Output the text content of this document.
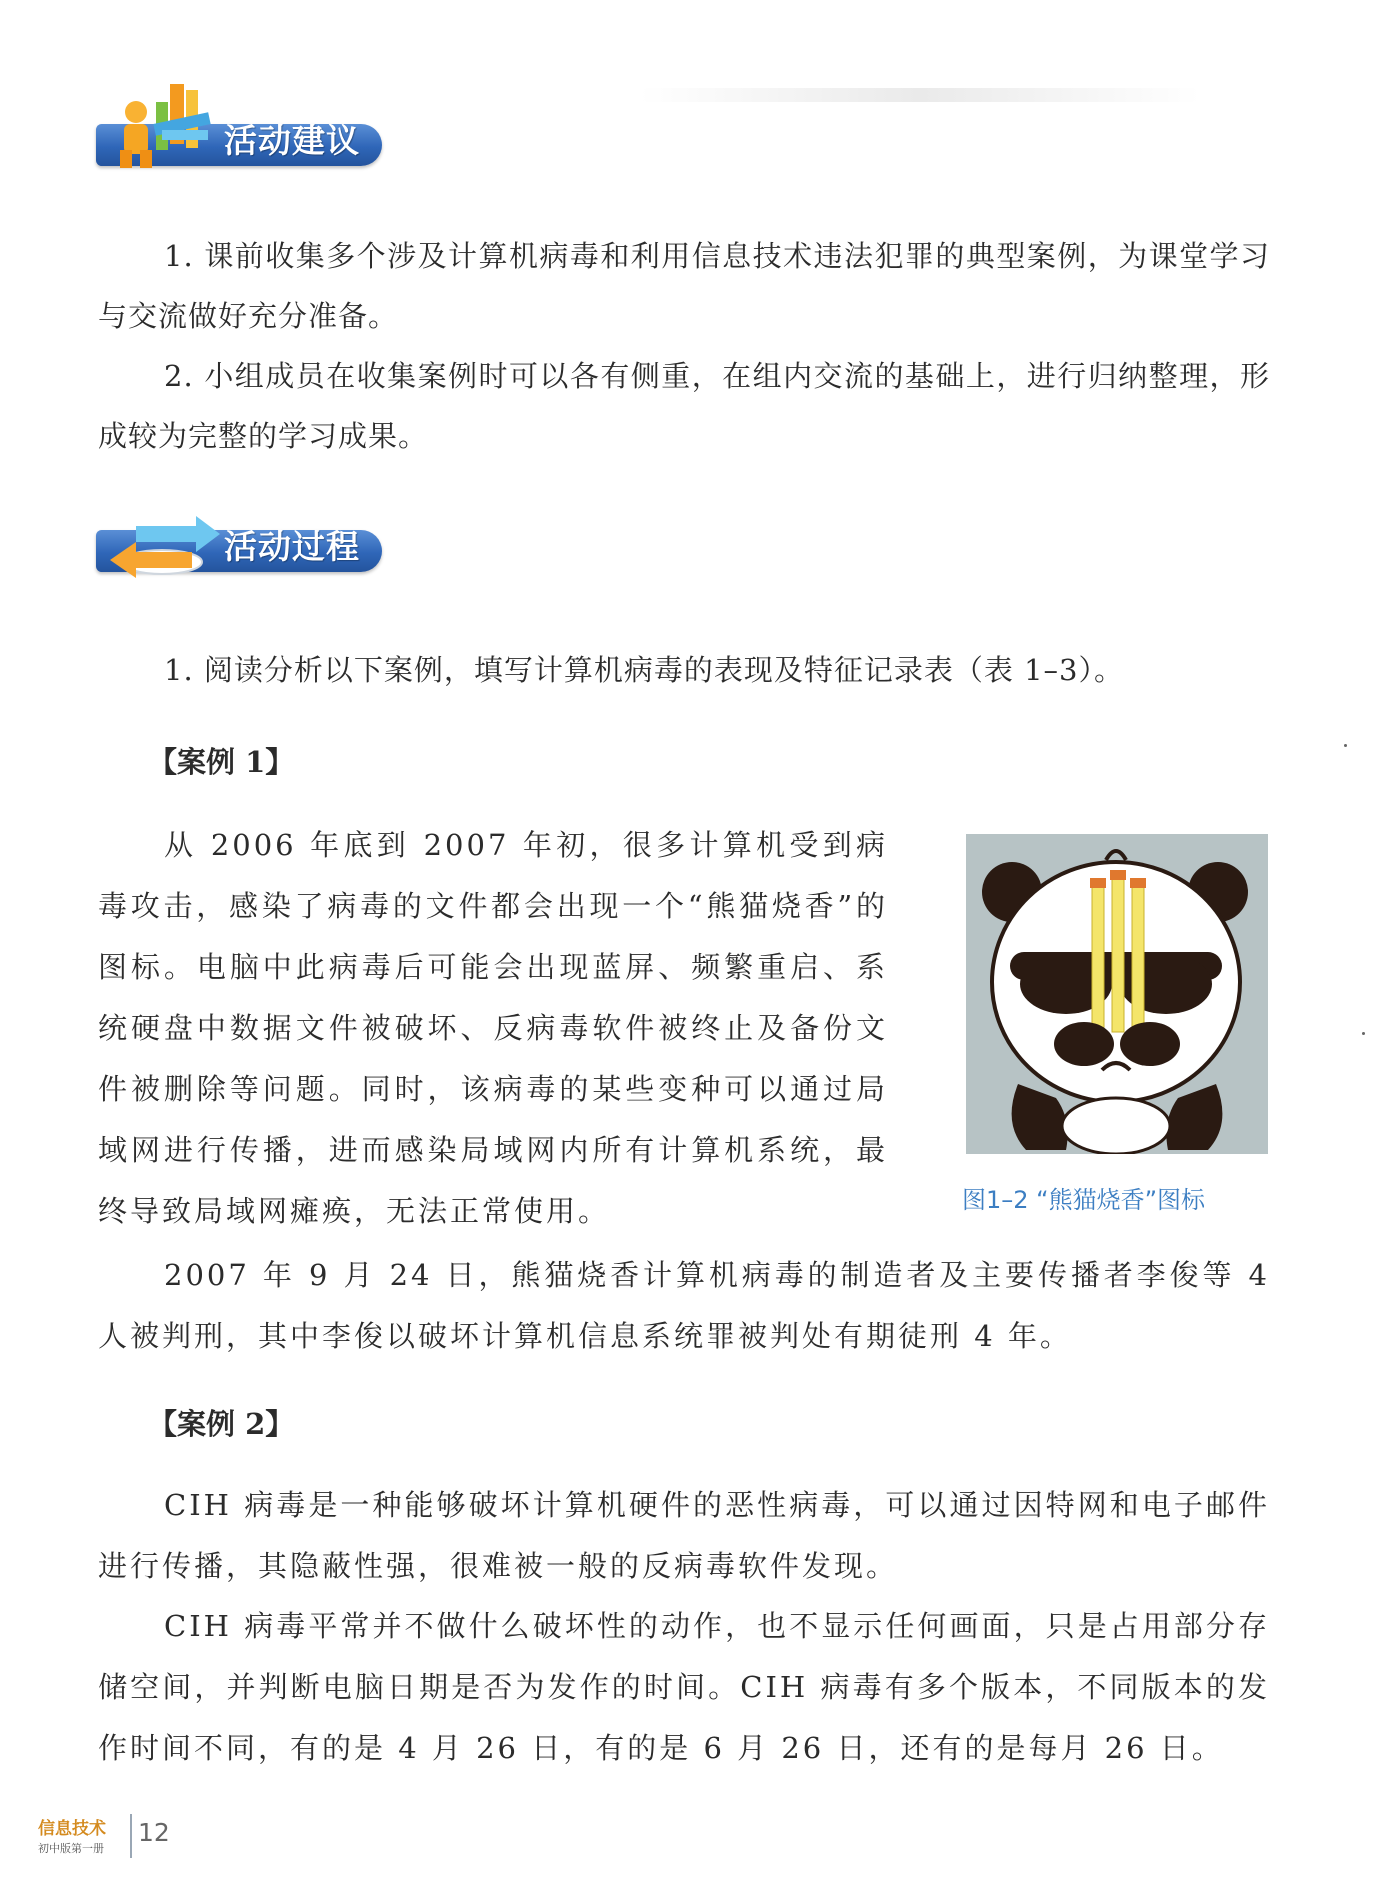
活动建议
1. 课前收集多个涉及计算机病毒和利用信息技术违法犯罪的典型案例，为课堂学习与交流做好充分准备。
2. 小组成员在收集案例时可以各有侧重，在组内交流的基础上，进行归纳整理，形成较为完整的学习成果。
活动过程
1. 阅读分析以下案例，填写计算机病毒的表现及特征记录表（表 1–3）。
【案例 1】
从 2006 年底到 2007 年初，很多计算机受到病毒攻击，感染了病毒的文件都会出现一个“熊猫烧香”的图标。电脑中此病毒后可能会出现蓝屏、频繁重启、系统硬盘中数据文件被破坏、反病毒软件被终止及备份文件被删除等问题。同时，该病毒的某些变种可以通过局域网进行传播，进而感染局域网内所有计算机系统，最终导致局域网瘫痪，无法正常使用。	图1–2 “熊猫烧香”图标
2007 年 9 月 24 日，熊猫烧香计算机病毒的制造者及主要传播者李俊等 4 人被判刑，其中李俊以破坏计算机信息系统罪被判处有期徒刑 4 年。
【案例 2】
CIH 病毒是一种能够破坏计算机硬件的恶性病毒，可以通过因特网和电子邮件进行传播，其隐蔽性强，很难被一般的反病毒软件发现。
CIH 病毒平常并不做什么破坏性的动作，也不显示任何画面，只是占用部分存储空间，并判断电脑日期是否为发作的时间。CIH 病毒有多个版本，不同版本的发作时间不同，有的是 4 月 26 日，有的是 6 月 26 日，还有的是每月 26 日。
信息技术
初中版第一册
12
